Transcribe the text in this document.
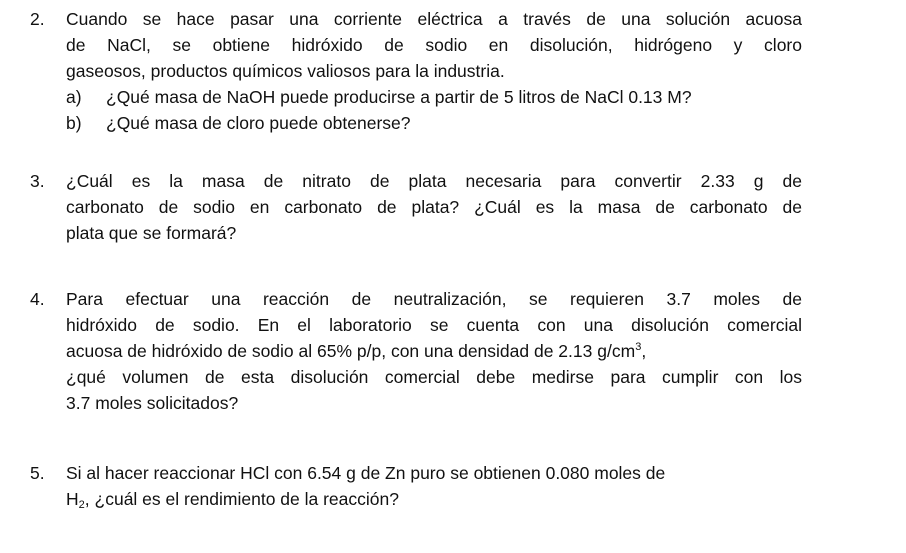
2. Cuando se hace pasar una corriente eléctrica a través de una solución acuosa
de NaCl, se obtiene hidróxido de sodio en disolución, hidrógeno y cloro
gaseosos, productos químicos valiosos para la industria.
a) ¿Qué masa de NaOH puede producirse a partir de 5 litros de NaCl 0.13 M?
b) ¿Qué masa de cloro puede obtenerse?
3. ¿Cuál es la masa de nitrato de plata necesaria para convertir 2.33 g de
carbonato de sodio en carbonato de plata? ¿Cuál es la masa de carbonato de
plata que se formará?
4. Para efectuar una reacción de neutralización, se requieren 3.7 moles de
hidróxido de sodio. En el laboratorio se cuenta con una disolución comercial
acuosa de hidróxido de sodio al 65% p/p, con una densidad de 2.13 $g/cm^3$,
¿qué volumen de esta disolución comercial debe medirse para cumplir con los
3.7 moles solicitados?
5. Si al hacer reaccionar HCl con 6.54 g de Zn puro se obtienen 0.080 moles de
$H_2$, ¿cuál es el rendimiento de la reacción?
